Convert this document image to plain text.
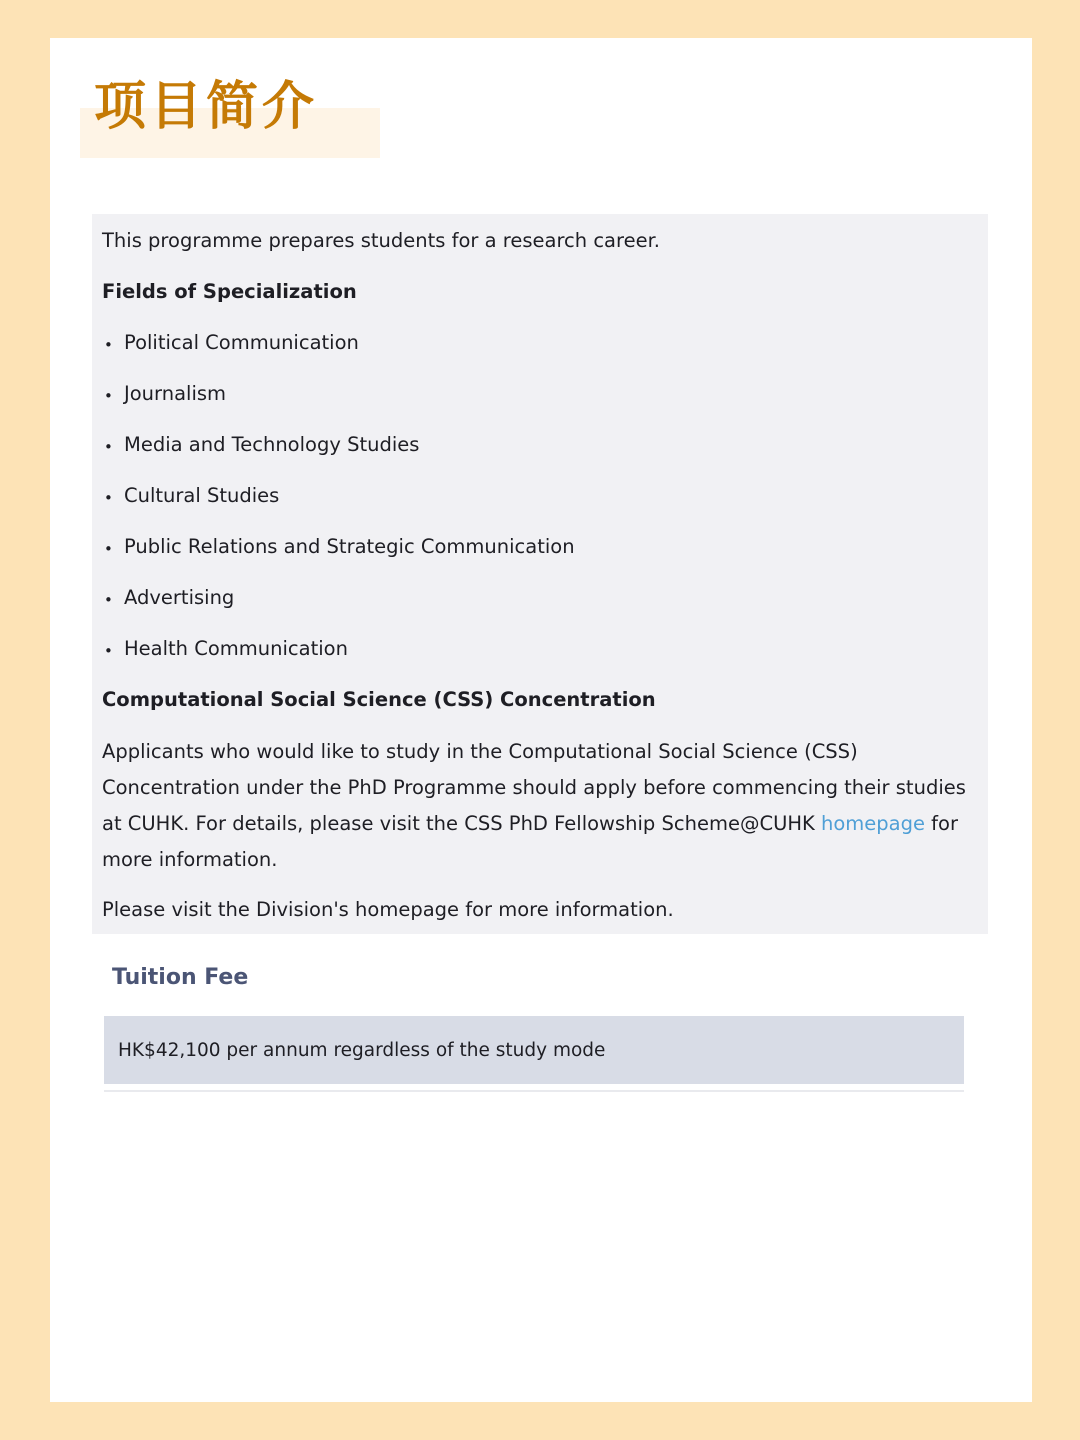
项目简介

This programme prepares students for a research career.

Fields of Specialization

• Political Communication
• Journalism
• Media and Technology Studies
• Cultural Studies
• Public Relations and Strategic Communication
• Advertising
• Health Communication

Computational Social Science (CSS) Concentration

Applicants who would like to study in the Computational Social Science (CSS) Concentration under the PhD Programme should apply before commencing their studies at CUHK. For details, please visit the CSS PhD Fellowship Scheme@CUHK homepage for more information.

Please visit the Division's homepage for more information.

Tuition Fee
HK$42,100 per annum regardless of the study mode
